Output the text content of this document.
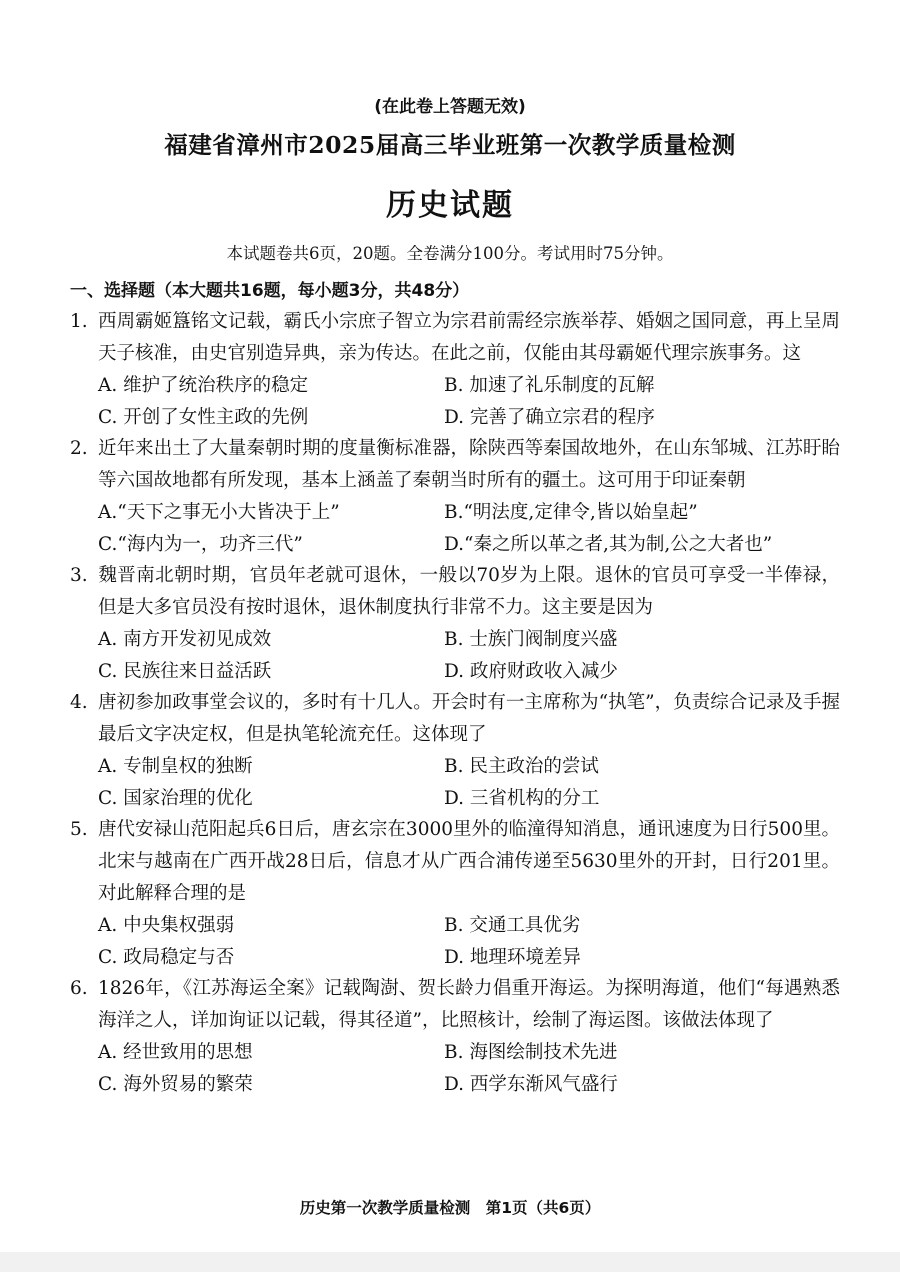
(在此卷上答题无效)
福建省漳州市2025届高三毕业班第一次教学质量检测
历史试题
本试题卷共6页，20题。全卷满分100分。考试用时75分钟。
一、选择题（本大题共16题，每小题3分，共48分）
1. 西周霸姬簋铭文记载，霸氏小宗庶子智立为宗君前需经宗族举荐、婚姻之国同意，再上呈周天子核准，由史官别造异典，亲为传达。在此之前，仅能由其母霸姬代理宗族事务。这
A. 维护了统治秩序的稳定	B. 加速了礼乐制度的瓦解
C. 开创了女性主政的先例	D. 完善了确立宗君的程序
2. 近年来出土了大量秦朝时期的度量衡标准器，除陕西等秦国故地外，在山东邹城、江苏盱眙等六国故地都有所发现，基本上涵盖了秦朝当时所有的疆土。这可用于印证秦朝
A.“天下之事无小大皆决于上”	B.“明法度,定律令,皆以始皇起”
C.“海内为一，功齐三代”	D.“秦之所以革之者,其为制,公之大者也”
3. 魏晋南北朝时期，官员年老就可退休，一般以70岁为上限。退休的官员可享受一半俸禄，但是大多官员没有按时退休，退休制度执行非常不力。这主要是因为
A. 南方开发初见成效	B. 士族门阀制度兴盛
C. 民族往来日益活跃	D. 政府财政收入减少
4. 唐初参加政事堂会议的，多时有十几人。开会时有一主席称为“执笔”，负责综合记录及手握最后文字决定权，但是执笔轮流充任。这体现了
A. 专制皇权的独断	B. 民主政治的尝试
C. 国家治理的优化	D. 三省机构的分工
5. 唐代安禄山范阳起兵6日后，唐玄宗在3000里外的临潼得知消息，通讯速度为日行500里。北宋与越南在广西开战28日后，信息才从广西合浦传递至5630里外的开封，日行201里。对此解释合理的是
A. 中央集权强弱	B. 交通工具优劣
C. 政局稳定与否	D. 地理环境差异
6. 1826年，《江苏海运全案》记载陶澍、贺长龄力倡重开海运。为探明海道，他们“每遇熟悉海洋之人，详加询证以记载，得其径道”，比照核计，绘制了海运图。该做法体现了
A. 经世致用的思想	B. 海图绘制技术先进
C. 海外贸易的繁荣	D. 西学东渐风气盛行
历史第一次教学质量检测　第1页（共6页）
